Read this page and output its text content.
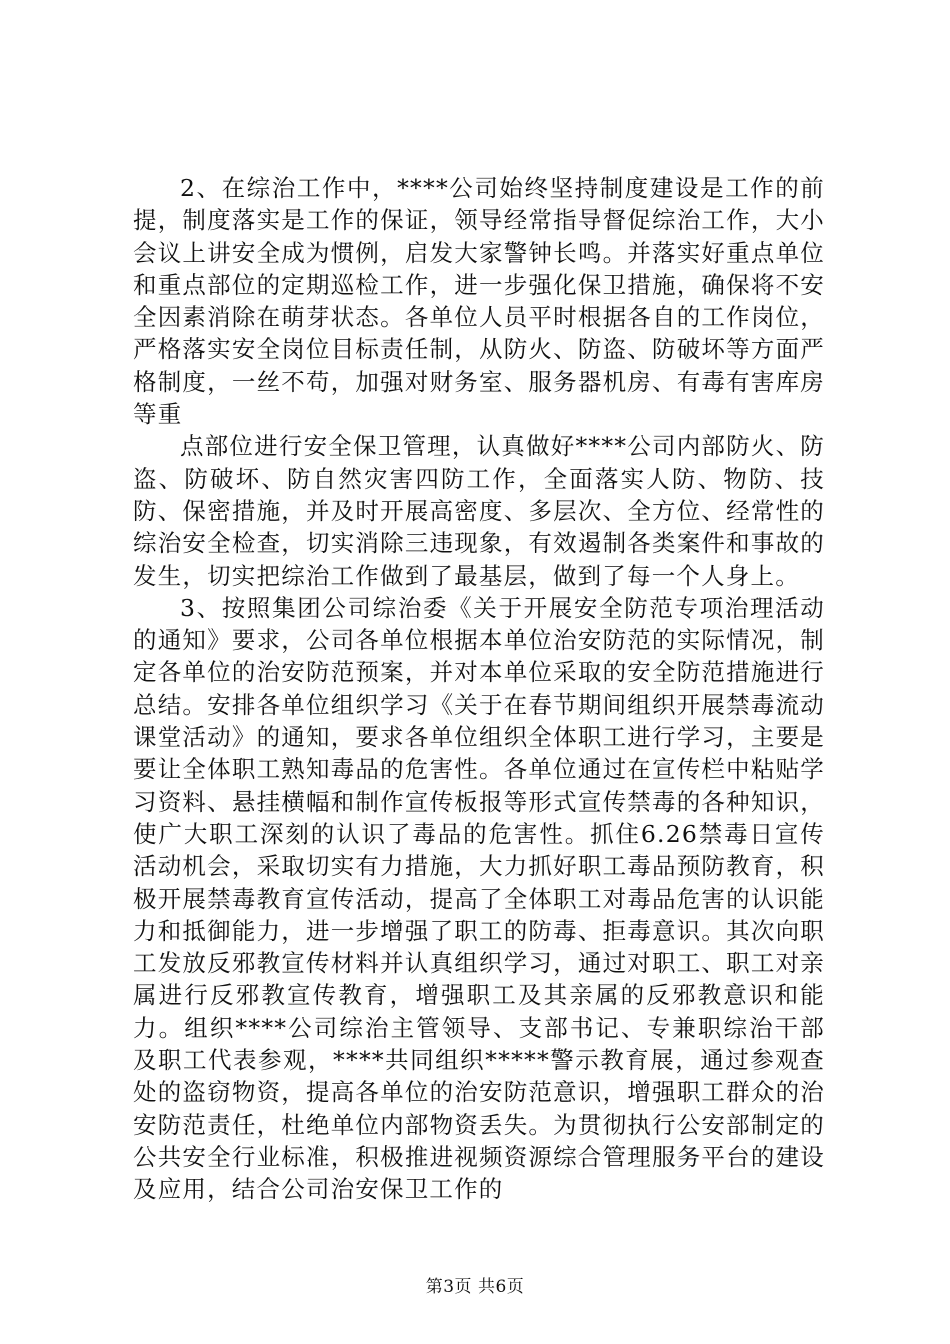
2、在综治工作中，****公司始终坚持制度建设是工作的前提，制度落实是工作的保证，领导经常指导督促综治工作，大小会议上讲安全成为惯例，启发大家警钟长鸣。并落实好重点单位和重点部位的定期巡检工作，进一步强化保卫措施，确保将不安全因素消除在萌芽状态。各单位人员平时根据各自的工作岗位，严格落实安全岗位目标责任制，从防火、防盗、防破坏等方面严格制度，一丝不苟，加强对财务室、服务器机房、有毒有害库房等重

点部位进行安全保卫管理，认真做好****公司内部防火、防盗、防破坏、防自然灾害四防工作，全面落实人防、物防、技防、保密措施，并及时开展高密度、多层次、全方位、经常性的综治安全检查，切实消除三违现象，有效遏制各类案件和事故的发生，切实把综治工作做到了最基层，做到了每一个人身上。

3、按照集团公司综治委《关于开展安全防范专项治理活动的通知》要求，公司各单位根据本单位治安防范的实际情况，制定各单位的治安防范预案，并对本单位采取的安全防范措施进行总结。安排各单位组织学习《关于在春节期间组织开展禁毒流动课堂活动》的通知，要求各单位组织全体职工进行学习，主要是要让全体职工熟知毒品的危害性。各单位通过在宣传栏中粘贴学习资料、悬挂横幅和制作宣传板报等形式宣传禁毒的各种知识，使广大职工深刻的认识了毒品的危害性。抓住6.26禁毒日宣传活动机会，采取切实有力措施，大力抓好职工毒品预防教育，积极开展禁毒教育宣传活动，提高了全体职工对毒品危害的认识能力和抵御能力，进一步增强了职工的防毒、拒毒意识。其次向职工发放反邪教宣传材料并认真组织学习，通过对职工、职工对亲属进行反邪教宣传教育，增强职工及其亲属的反邪教意识和能力。组织****公司综治主管领导、支部书记、专兼职综治干部及职工代表参观，****共同组织*****警示教育展，通过参观查处的盗窃物资，提高各单位的治安防范意识，增强职工群众的治安防范责任，杜绝单位内部物资丢失。为贯彻执行公安部制定的公共安全行业标准，积极推进视频资源综合管理服务平台的建设及应用，结合公司治安保卫工作的

第3页 共6页
